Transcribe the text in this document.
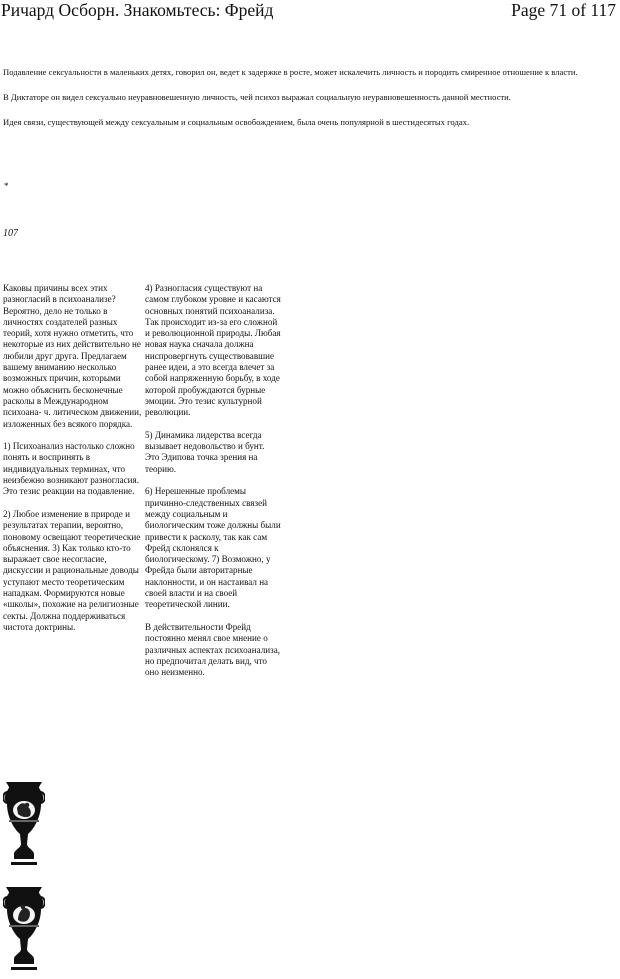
Ричард Осборн. Знакомьтесь: Фрейд	Page 71 of 117

Подавление сексуальности в маленьких детях, говорил он, ведет к задержке в росте, может искалечить личность и породить смиренное отношение к власти.

В Диктаторе он видел сексуально неуравновешенную личность, чей психоз выражал социальную неуравновешенность данной местности.

Идея связи, существующей между сексуальным и социальным освобождением, была очень популярной в шестидесятых годах.

*
107

Каковы причины всех этих разногласий в психоанализе? Вероятно, дело не только в личностях создателей разных теорий, хотя нужно отметить, что некоторые из них действительно не любили друг друга. Предлагаем вашему вниманию несколько возможных причин, которыми можно объяснить бесконечные расколы в Международном психоана- ч. литическом движении, изложенных без всякого порядка.

1) Психоанализ настолько сложно понять и воспринять в индивидуальных терминах, что неизбежно возникают разногласия. Это тезис реакции на подавление.

2) Любое изменение в природе и результатах терапии, вероятно, поновому освещают теоретические объяснения. 3) Как только кто-то выражает свое несогласие, дискуссии и рациональные доводы уступают место теоретическим нападкам. Формируются новые «школы», похожие на религиозные секты. Должна поддерживаться чистота доктрины.

4) Разногласия существуют на самом глубоком уровне и касаются основных понятий психоанализа. Так происходит из-за его сложной и революционной природы. Любая новая наука сначала должна ниспровергнуть существовавшие ранее идеи, а это всегда влечет за собой напряженную борьбу, в ходе которой пробуждаются бурные эмоции. Это тезис культурной революции.

5) Динамика лидерства всегда вызывает недовольство и бунт. Это Эдипова точка зрения на теорию.

6) Нерешенные проблемы причинно-следственных связей между социальным и биологическим тоже должны были привести к расколу, так как сам Фрейд склонялся к биологическому. 7) Возможно, у Фрейда были авторитарные наклонности, и он настаивал на своей власти и на своей теоретической линии.

В действительности Фрейд постоянно менял свое мнение о различных аспектах психоанализа, но предпочитал делать вид, что оно неизменно.
